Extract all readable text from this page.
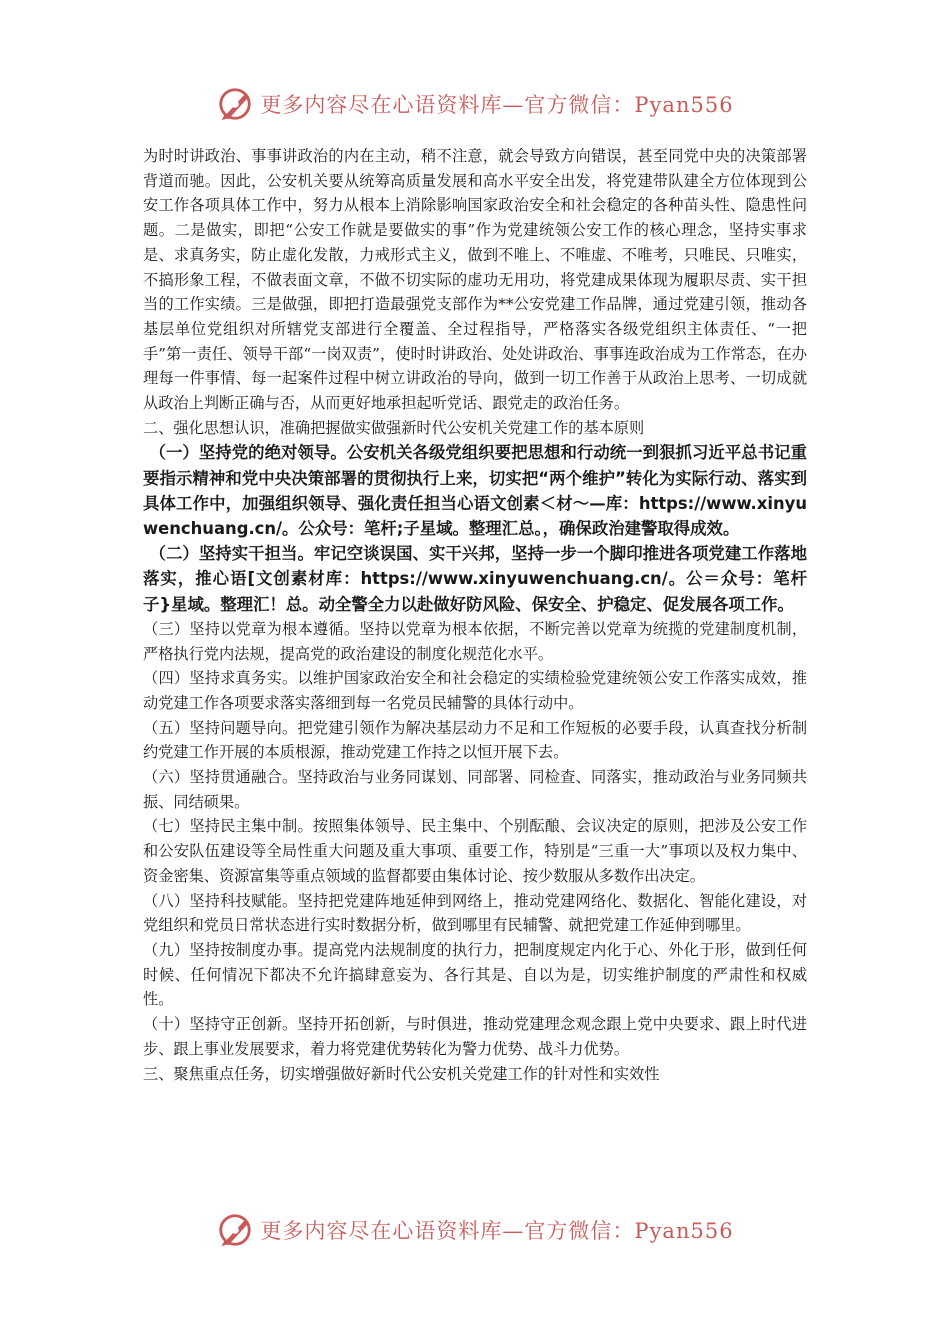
更多内容尽在心语资料库—官方微信：Pyan556

为时时讲政治、事事讲政治的内在主动，稍不注意，就会导致方向错误，甚至同党中央的决策部署背道而驰。因此，公安机关要从统筹高质量发展和高水平安全出发，将党建带队建全方位体现到公安工作各项具体工作中，努力从根本上消除影响国家政治安全和社会稳定的各种苗头性、隐患性问题。二是做实，即把“公安工作就是要做实的事”作为党建统领公安工作的核心理念，坚持实事求是、求真务实，防止虚化发散，力戒形式主义，做到不唯上、不唯虚、不唯考，只唯民、只唯实，不搞形象工程，不做表面文章，不做不切实际的虚功无用功，将党建成果体现为履职尽责、实干担当的工作实绩。三是做强，即把打造最强党支部作为**公安党建工作品牌，通过党建引领，推动各基层单位党组织对所辖党支部进行全覆盖、全过程指导，严格落实各级党组织主体责任、“一把手”第一责任、领导干部“一岗双责”，使时时讲政治、处处讲政治、事事连政治成为工作常态，在办理每一件事情、每一起案件过程中树立讲政治的导向，做到一切工作善于从政治上思考、一切成就从政治上判断正确与否，从而更好地承担起听党话、跟党走的政治任务。

二、强化思想认识，准确把握做实做强新时代公安机关党建工作的基本原则

（一）坚持党的绝对领导。公安机关各级党组织要把思想和行动统一到狠抓习近平总书记重要指示精神和党中央决策部署的贯彻执行上来，切实把“两个维护”转化为实际行动、落实到具体工作中，加强组织领导、强化责任担当心语文创素＜材～—库：https://www.xinyuwenchuang.cn/。公众号：笔杆;子星域。整理汇总。，确保政治建警取得成效。

（二）坚持实干担当。牢记空谈误国、实干兴邦，坚持一步一个脚印推进各项党建工作落地落实，推心语[文创素材库：https://www.xinyuwenchuang.cn/。公＝众号：笔杆子}星域。整理汇！总。动全警全力以赴做好防风险、保安全、护稳定、促发展各项工作。

（三）坚持以党章为根本遵循。坚持以党章为根本依据，不断完善以党章为统揽的党建制度机制，严格执行党内法规，提高党的政治建设的制度化规范化水平。

（四）坚持求真务实。以维护国家政治安全和社会稳定的实绩检验党建统领公安工作落实成效，推动党建工作各项要求落实落细到每一名党员民辅警的具体行动中。

（五）坚持问题导向。把党建引领作为解决基层动力不足和工作短板的必要手段，认真查找分析制约党建工作开展的本质根源，推动党建工作持之以恒开展下去。

（六）坚持贯通融合。坚持政治与业务同谋划、同部署、同检查、同落实，推动政治与业务同频共振、同结硕果。

（七）坚持民主集中制。按照集体领导、民主集中、个别酝酿、会议决定的原则，把涉及公安工作和公安队伍建设等全局性重大问题及重大事项、重要工作，特别是“三重一大”事项以及权力集中、资金密集、资源富集等重点领域的监督都要由集体讨论、按少数服从多数作出决定。

（八）坚持科技赋能。坚持把党建阵地延伸到网络上，推动党建网络化、数据化、智能化建设，对党组织和党员日常状态进行实时数据分析，做到哪里有民辅警、就把党建工作延伸到哪里。

（九）坚持按制度办事。提高党内法规制度的执行力，把制度规定内化于心、外化于形，做到任何时候、任何情况下都决不允许搞肆意妄为、各行其是、自以为是，切实维护制度的严肃性和权威性。

（十）坚持守正创新。坚持开拓创新，与时俱进，推动党建理念观念跟上党中央要求、跟上时代进步、跟上事业发展要求，着力将党建优势转化为警力优势、战斗力优势。

三、聚焦重点任务，切实增强做好新时代公安机关党建工作的针对性和实效性

更多内容尽在心语资料库—官方微信：Pyan556
